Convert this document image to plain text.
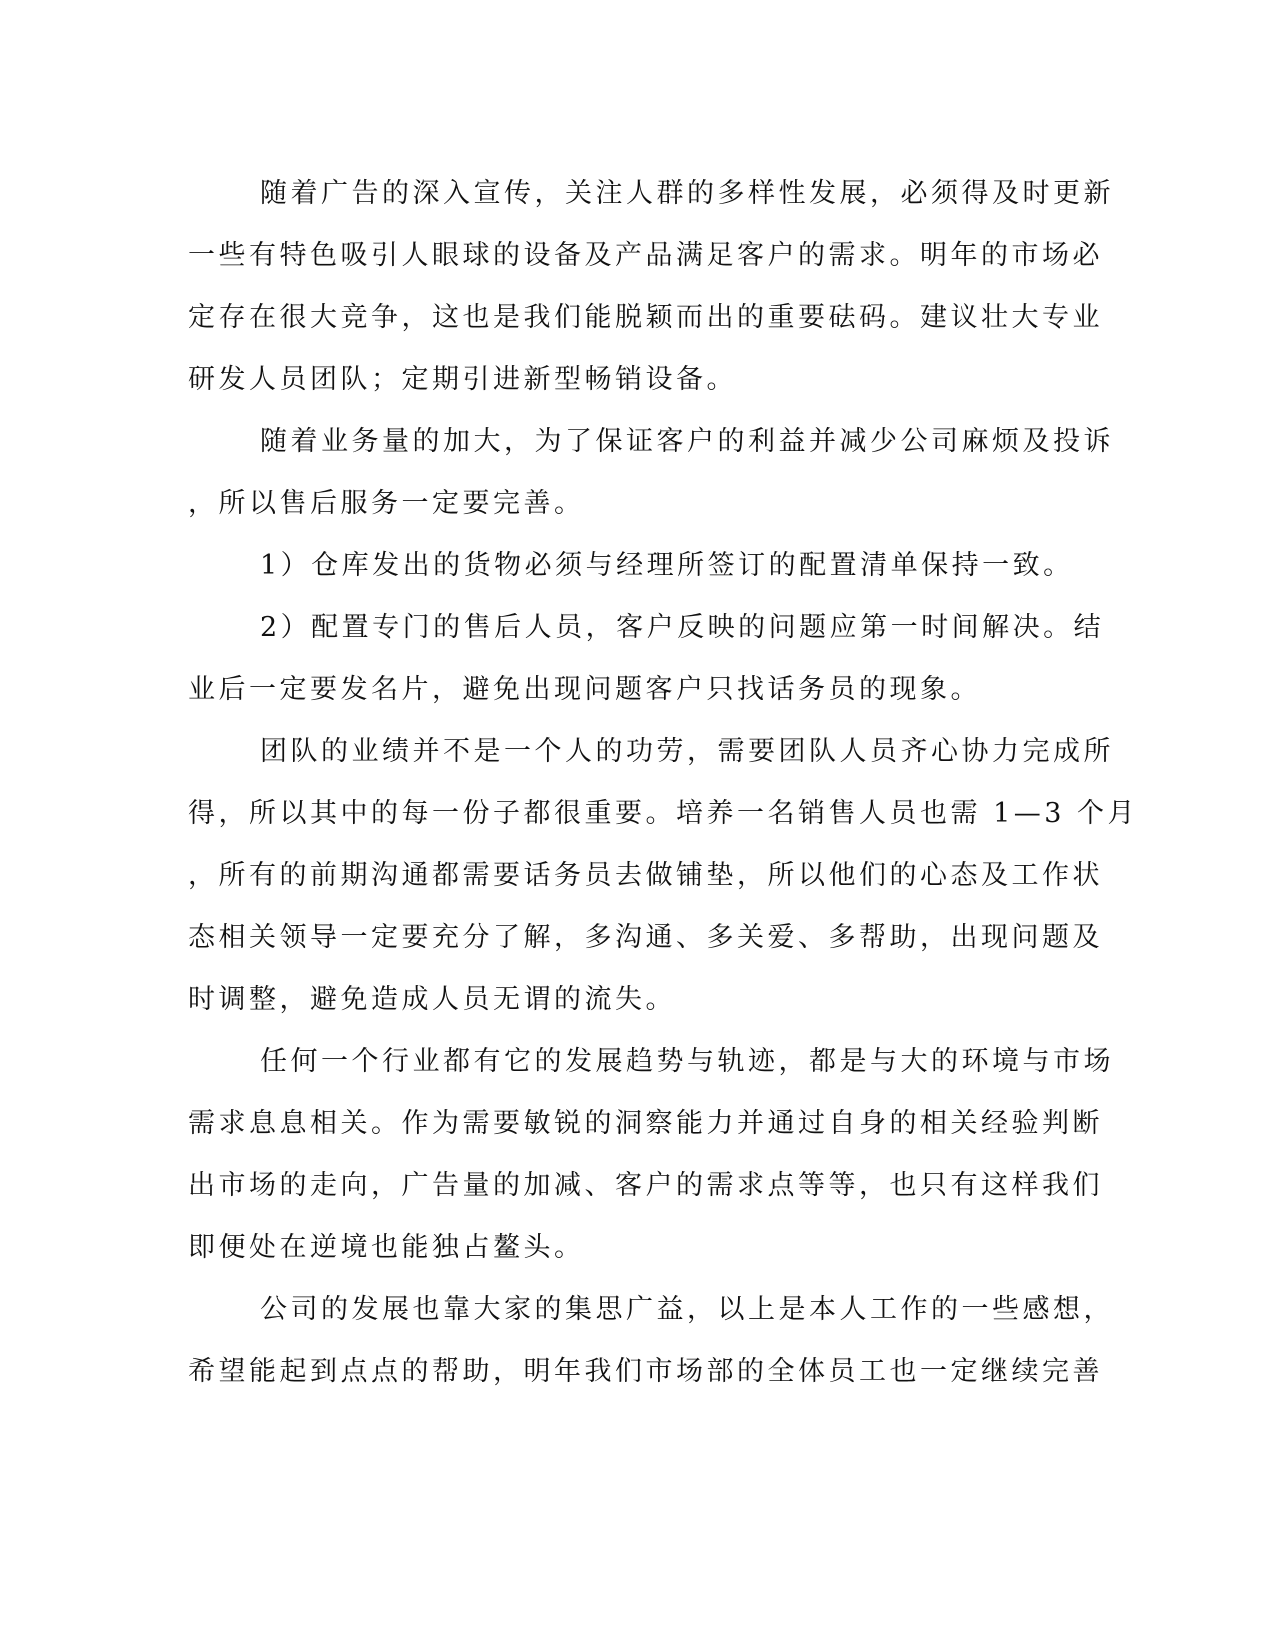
随着广告的深入宣传，关注人群的多样性发展，必须得及时更新
一些有特色吸引人眼球的设备及产品满足客户的需求。明年的市场必
定存在很大竞争，这也是我们能脱颖而出的重要砝码。建议壮大专业
研发人员团队；定期引进新型畅销设备。
随着业务量的加大，为了保证客户的利益并减少公司麻烦及投诉
，所以售后服务一定要完善。
1）仓库发出的货物必须与经理所签订的配置清单保持一致。
2）配置专门的售后人员，客户反映的问题应第一时间解决。结
业后一定要发名片，避免出现问题客户只找话务员的现象。
团队的业绩并不是一个人的功劳，需要团队人员齐心协力完成所
得，所以其中的每一份子都很重要。培养一名销售人员也需 1—3 个月
，所有的前期沟通都需要话务员去做铺垫，所以他们的心态及工作状
态相关领导一定要充分了解，多沟通、多关爱、多帮助，出现问题及
时调整，避免造成人员无谓的流失。
任何一个行业都有它的发展趋势与轨迹，都是与大的环境与市场
需求息息相关。作为需要敏锐的洞察能力并通过自身的相关经验判断
出市场的走向，广告量的加减、客户的需求点等等，也只有这样我们
即便处在逆境也能独占鳌头。
公司的发展也靠大家的集思广益，以上是本人工作的一些感想，
希望能起到点点的帮助，明年我们市场部的全体员工也一定继续完善
